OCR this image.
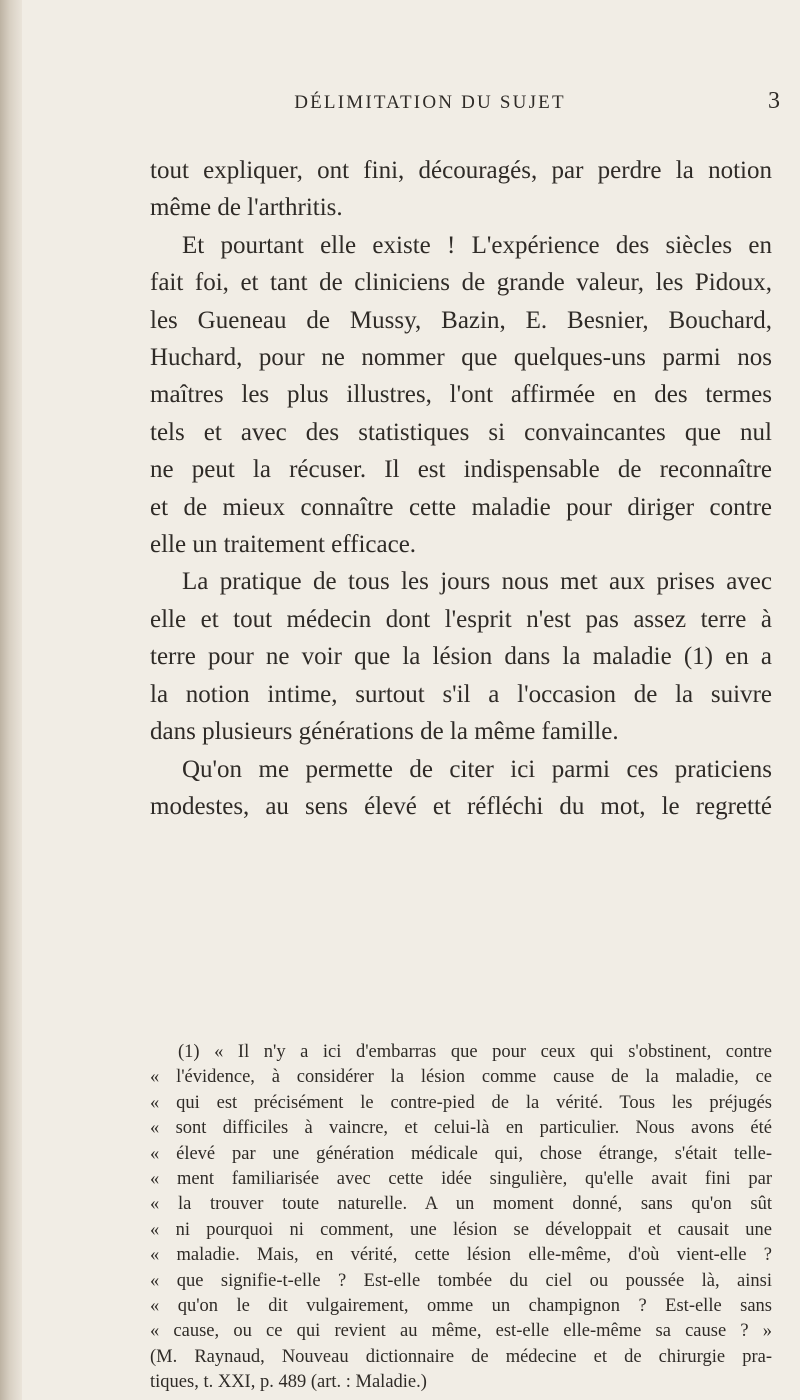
DÉLIMITATION DU SUJET	3

tout expliquer, ont fini, découragés, par perdre la notion
même de l'arthritis.

Et pourtant elle existe ! L'expérience des siècles en
fait foi, et tant de cliniciens de grande valeur, les Pidoux,
les Gueneau de Mussy, Bazin, E. Besnier, Bouchard,
Huchard, pour ne nommer que quelques-uns parmi nos
maîtres les plus illustres, l'ont affirmée en des termes
tels et avec des statistiques si convaincantes que nul
ne peut la récuser. Il est indispensable de reconnaître
et de mieux connaître cette maladie pour diriger contre
elle un traitement efficace.

La pratique de tous les jours nous met aux prises avec
elle et tout médecin dont l'esprit n'est pas assez terre à
terre pour ne voir que la lésion dans la maladie (1) en a
la notion intime, surtout s'il a l'occasion de la suivre
dans plusieurs générations de la même famille.

Qu'on me permette de citer ici parmi ces praticiens
modestes, au sens élevé et réfléchi du mot, le regretté

(1) « Il n'y a ici d'embarras que pour ceux qui s'obstinent, contre
« l'évidence, à considérer la lésion comme cause de la maladie, ce
« qui est précisément le contre-pied de la vérité. Tous les préjugés
« sont difficiles à vaincre, et celui-là en particulier. Nous avons été
« élevé par une génération médicale qui, chose étrange, s'était telle-
« ment familiarisée avec cette idée singulière, qu'elle avait fini par
« la trouver toute naturelle. A un moment donné, sans qu'on sût
« ni pourquoi ni comment, une lésion se développait et causait une
« maladie. Mais, en vérité, cette lésion elle-même, d'où vient-elle ?
« que signifie-t-elle ? Est-elle tombée du ciel ou poussée là, ainsi
« qu'on le dit vulgairement, omme un champignon ? Est-elle sans
« cause, ou ce qui revient au même, est-elle elle-même sa cause ? »
(M. Raynaud, Nouveau dictionnaire de médecine et de chirurgie pra-
tiques, t. XXI, p. 489 (art. : Maladie.)
